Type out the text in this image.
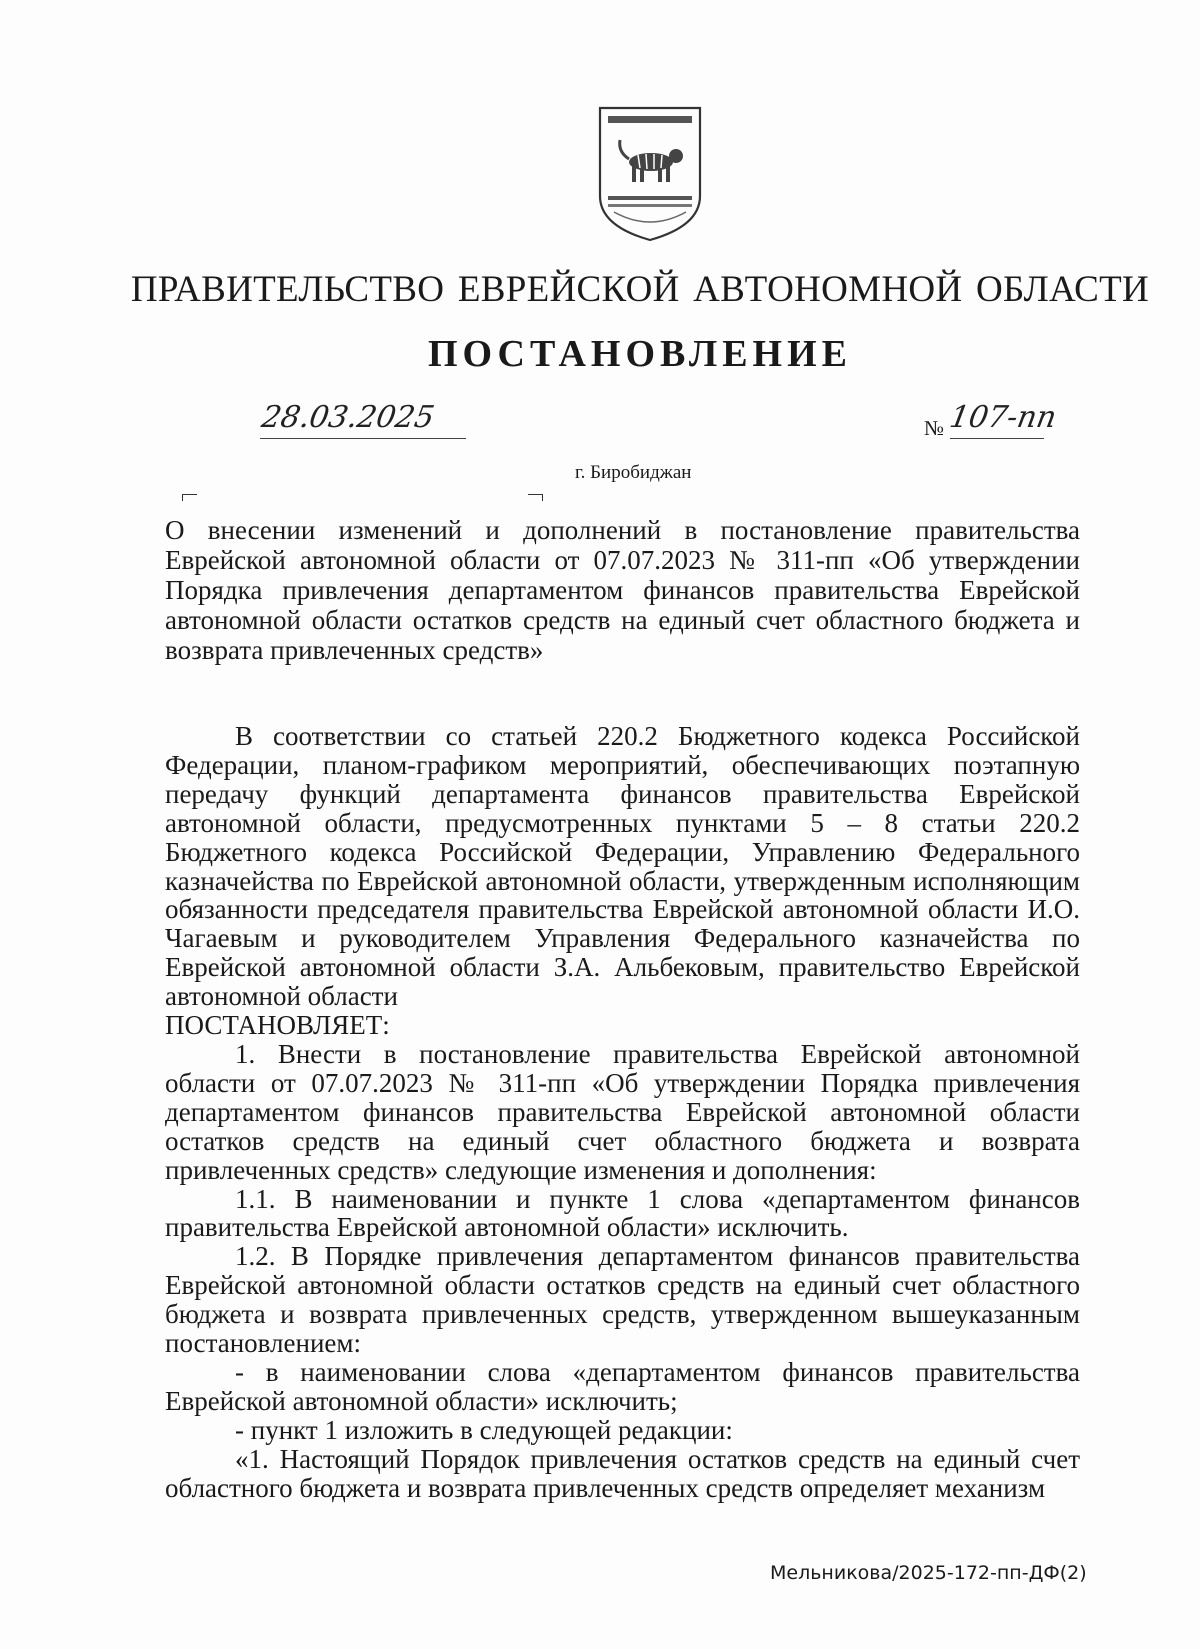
ПРАВИТЕЛЬСТВО ЕВРЕЙСКОЙ АВТОНОМНОЙ ОБЛАСТИ
ПОСТАНОВЛЕНИЕ
28.03.2025	№ 107-пп
г. Биробиджан
О внесении изменений и дополнений в постановление правительства Еврейской автономной области от 07.07.2023 № 311-пп «Об утверждении Порядка привлечения департаментом финансов правительства Еврейской автономной области остатков средств на единый счет областного бюджета и возврата привлеченных средств»

В соответствии со статьей 220.2 Бюджетного кодекса Российской Федерации, планом-графиком мероприятий, обеспечивающих поэтапную передачу функций департамента финансов правительства Еврейской автономной области, предусмотренных пунктами 5 – 8 статьи 220.2 Бюджетного кодекса Российской Федерации, Управлению Федерального казначейства по Еврейской автономной области, утвержденным исполняющим обязанности председателя правительства Еврейской автономной области И.О. Чагаевым и руководителем Управления Федерального казначейства по Еврейской автономной области З.А. Альбековым, правительство Еврейской автономной области

ПОСТАНОВЛЯЕТ:

1. Внести в постановление правительства Еврейской автономной области от 07.07.2023 № 311-пп «Об утверждении Порядка привлечения департаментом финансов правительства Еврейской автономной области остатков средств на единый счет областного бюджета и возврата привлеченных средств» следующие изменения и дополнения:

1.1. В наименовании и пункте 1 слова «департаментом финансов правительства Еврейской автономной области» исключить.

1.2. В Порядке привлечения департаментом финансов правительства Еврейской автономной области остатков средств на единый счет областного бюджета и возврата привлеченных средств, утвержденном вышеуказанным постановлением:

- в наименовании слова «департаментом финансов правительства Еврейской автономной области» исключить;

- пункт 1 изложить в следующей редакции:

«1. Настоящий Порядок привлечения остатков средств на единый счет областного бюджета и возврата привлеченных средств определяет механизм

Мельникова/2025-172-пп-ДФ(2)
